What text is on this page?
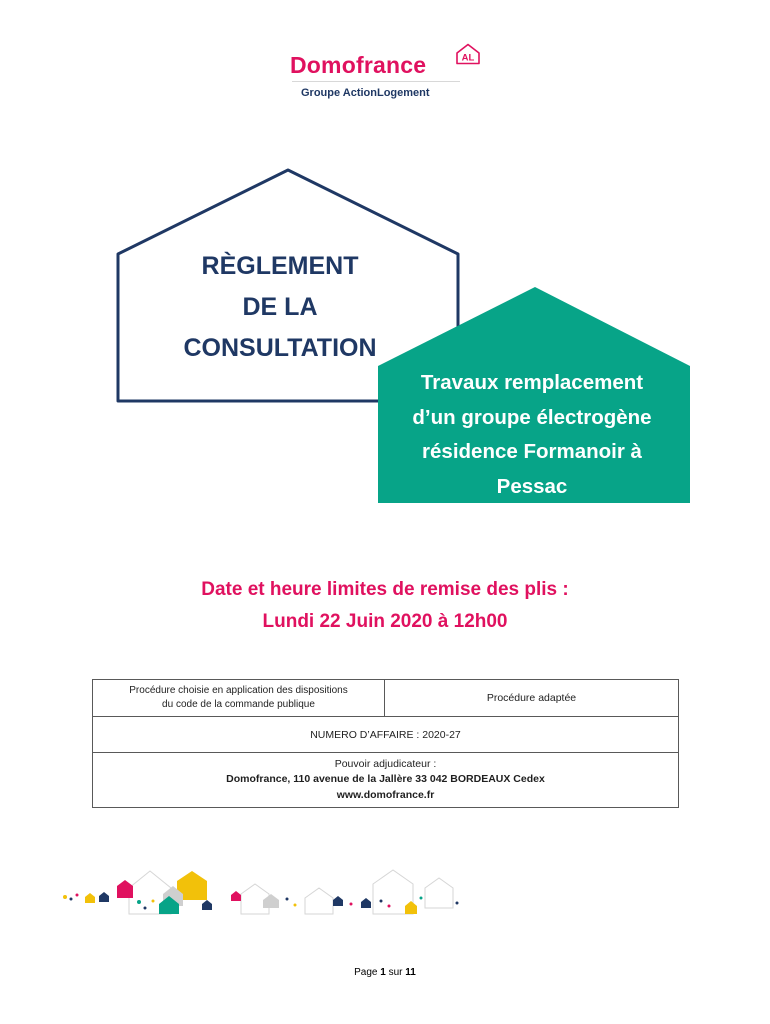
Domofrance	AL
Groupe ActionLogement
RÈGLEMENT
DE LA
CONSULTATION
Travaux remplacement
d’un groupe électrogène
résidence Formanoir à
Pessac
Date et heure limites de remise des plis :
Lundi 22 Juin 2020 à 12h00
Procédure choisie en application des dispositions
du code de la commande publique
	Procédure adaptée
NUMERO D’AFFAIRE : 2020-27

Pouvoir adjudicateur :
Domofrance, 110 avenue de la Jallère 33 042 BORDEAUX Cedex
www.domofrance.fr
Page 1 sur 11
